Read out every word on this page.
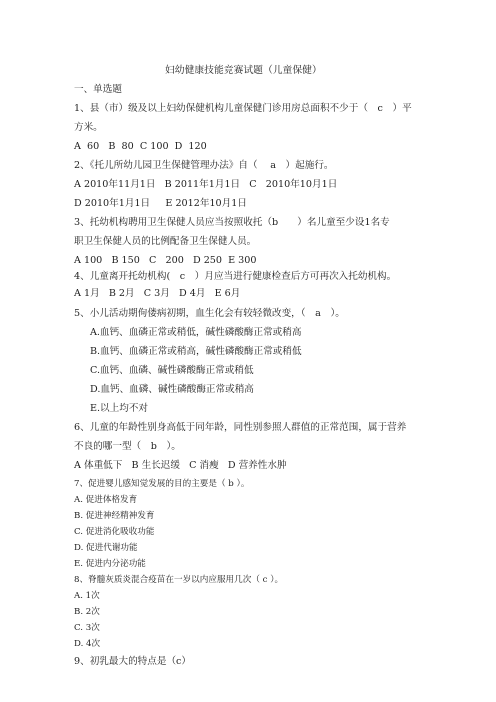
妇幼健康技能竞赛试题（儿童保健）
一、单选题
1、县（市）级及以上妇幼保健机构儿童保健门诊用房总面积不少于（　c　）平
方米。
A  60   B  80  C 100  D  120
2、《托儿所幼儿园卫生保健管理办法》自（　 a　）起施行。
A 2010年11月1日   B 2011年1月1日   C   2010年10月1日
D 2010年1月1日     E 2012年10月1日
3、托幼机构聘用卫生保健人员应当按照收托（b　　）名儿童至少设1名专
职卫生保健人员的比例配备卫生保健人员。
A 100   B 150   C   200   D 250  E 300
4、儿童离开托幼机构(　c　）月应当进行健康检查后方可再次入托幼机构。
A 1月   B 2月   C 3月   D 4月   E 6月
5、小儿活动期佝偻病初期，血生化会有较轻微改变，（　a　）。
A.血钙、血磷正常或稍低，碱性磷酸酶正常或稍高
B.血钙、血磷正常或稍高，碱性磷酸酶正常或稍低
C.血钙、血磷、碱性磷酸酶正常或稍低
D.血钙、血磷、碱性磷酸酶正常或稍高
E.以上均不对
6、儿童的年龄性别身高低于同年龄，同性别参照人群值的正常范围，属于营养
不良的哪一型（　b　）。
A 体重低下   B 生长迟缓   C 消瘦   D 营养性水肿
7、促进婴儿感知觉发展的目的主要是（ b ）。
A. 促进体格发育
B. 促进神经精神发育
C. 促进消化吸收功能
D. 促进代谢功能
E. 促进内分泌功能
8、脊髓灰质炎混合疫苗在一岁以内应服用几次（ c ）。
A. 1次
B. 2次
C. 3次
D. 4次
9、初乳最大的特点是（c）
